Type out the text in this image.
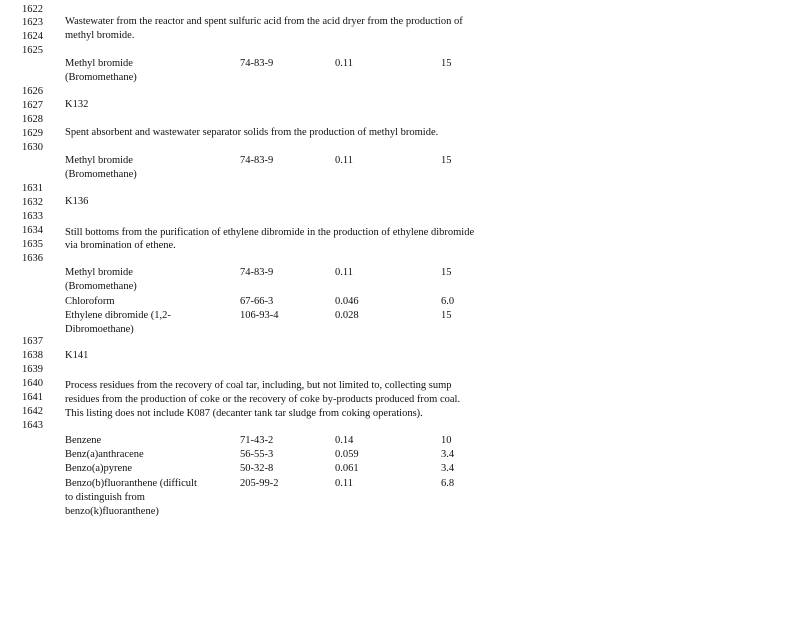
1622
1623
1624
1625
1626
1627
1628
1629
1630
1631
1632
1633
1634
1635
1636
1637
1638
1639
1640
1641
1642
1643
Wastewater from the reactor and spent sulfuric acid from the acid dryer from the production of
methyl bromide.
Methyl bromide
(Bromomethane)
74-83-9	0.11	15
K132
Spent absorbent and wastewater separator solids from the production of methyl bromide.
Methyl bromide
(Bromomethane)
74-83-9	0.11	15
K136
Still bottoms from the purification of ethylene dibromide in the production of ethylene dibromide
via bromination of ethene.
Methyl bromide
(Bromomethane)
74-83-9	0.11	15
Chloroform	67-66-3	0.046	6.0
Ethylene dibromide (1,2-
Dibromoethane)
106-93-4	0.028	15
K141
Process residues from the recovery of coal tar, including, but not limited to, collecting sump
residues from the production of coke or the recovery of coke by-products produced from coal.
This listing does not include K087 (decanter tank tar sludge from coking operations).
Benzene	71-43-2	0.14	10
Benz(a)anthracene	56-55-3	0.059	3.4
Benzo(a)pyrene	50-32-8	0.061	3.4
Benzo(b)fluoranthene (difficult
to distinguish from
benzo(k)fluoranthene)
205-99-2	0.11	6.8
